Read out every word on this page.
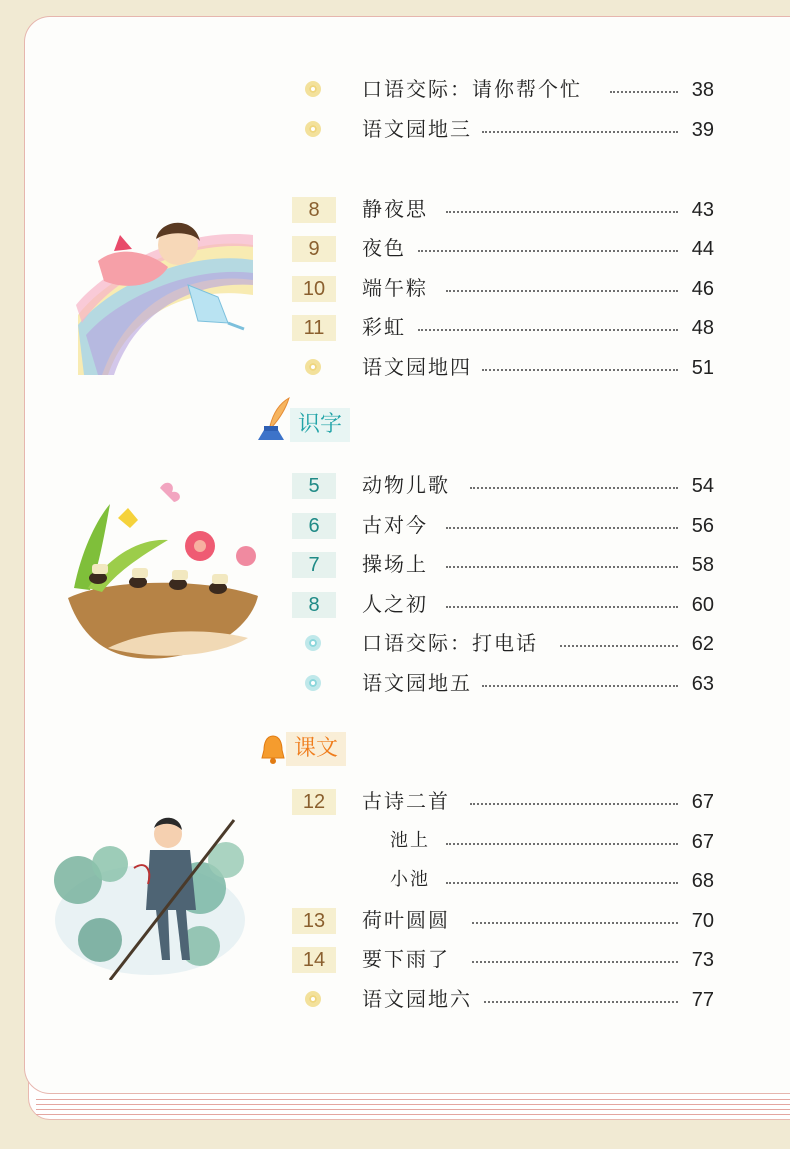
口语交际：请你帮个忙	38
语文园地三	39
8	静夜思	43
9	夜色	44
10	端午粽	46
11	彩虹	48
语文园地四	51
识字
5	动物儿歌	54
6	古对今	56
7	操场上	58
8	人之初	60
口语交际：打电话	62
语文园地五	63
课文
12	古诗二首	67
池上	67
小池	68
13	荷叶圆圆	70
14	要下雨了	73
语文园地六	77
